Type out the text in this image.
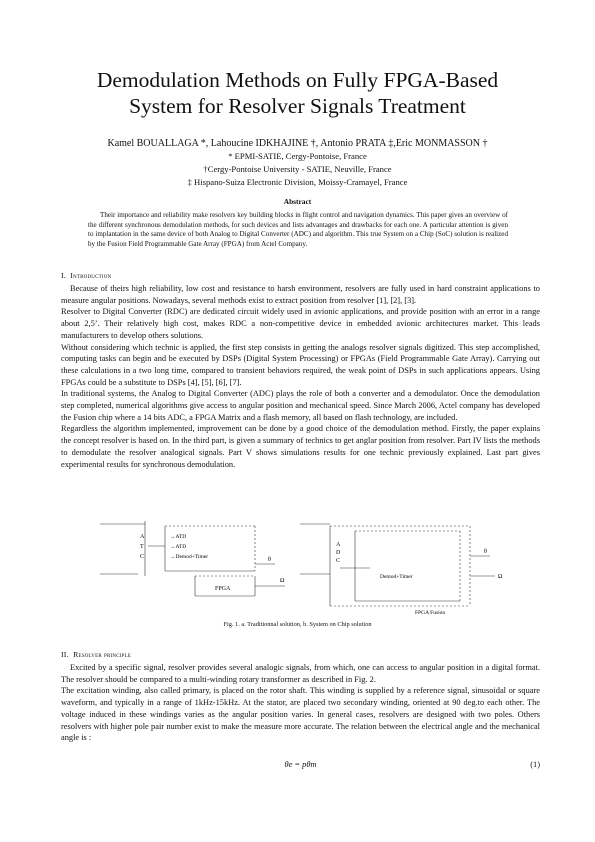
Demodulation Methods on Fully FPGA-Based
System for Resolver Signals Treatment
Kamel BOUALLAGA *, Lahoucine IDKHAJINE †, Antonio PRATA ‡,Eric MONMASSON †
* EPMI-SATIE, Cergy-Pontoise, France
†Cergy-Pontoise University - SATIE, Neuville, France
‡ Hispano-Suiza Electronic Division, Moissy-Cramayel, France
Abstract
Their importance and reliability make resolvers key building blocks in flight control and navigation dynamics. This paper gives an overview of the different synchronous demodulation methods, for such devices and lists advantages and drawbacks for each one. A particular attention is given to implantation in the same device of both Analog to Digital Converter (ADC) and algorithm. This true System on a Chip (SoC) solution is realized by the Fusion Field Programmable Gate Array (FPGA) from Actel Company.
I. Introduction

Because of theirs high reliability, low cost and resistance to harsh environment, resolvers are fully used in hard constraint applications to measure angular positions. Nowadays, several methods exist to extract position from resolver [1], [2], [3].

Resolver to Digital Converter (RDC) are dedicated circuit widely used in avionic applications, and provide position with an error in a range about 2,5’. Their relatively high cost, makes RDC a non-competitive device in embedded avionic architectures market. This leads manufacturers to develop others solutions.

Without considering which technic is applied, the first step consists in getting the analogs resolver signals digitized. This step accomplished, computing tasks can begin and be executed by DSPs (Digital System Processing) or FPGAs (Field Programmable Gate Array). Carrying out these calculations in a two long time, compared to transient behaviors required, the weak point of DSPs in such applications appears. Using FPGAs could be a substitute to DSPs [4], [5], [6], [7].

In traditional systems, the Analog to Digital Converter (ADC) plays the role of both a converter and a demodulator. Once the demodulation step completed, numerical algorithms give access to angular position and mechanical speed. Since March 2006, Actel company has developed the Fusion chip where a 14 bits ADC, a FPGA Matrix and a flash memory, all based on flash technology, are included.

Regardless the algorithm implemented, improvement can be done by a good choice of the demodulation method. Firstly, the paper explains the concept resolver is based on. In the third part, is given a summary of technics to get anglar position from resolver. Part IV lists the methods to demodulate the resolver analogical signals. Part V shows simulations results for one technic previously explained. Last part gives experimental results for synchronous demodulation.

A
T
C
→ATD
→ATD
→Demod+Timer
FPGA
θ
Ω
A
D
C
Demod+Timer
FPGA Fusion
θ
Ω
Fig. 1. a. Traditionnal solution, b. System on Chip solution
II. Resolver principle

Excited by a specific signal, resolver provides several analogic signals, from which, one can access to angular position in a digital format. The resolver should be compared to a multi-winding rotary transformer as described in Fig. 2.

The excitation winding, also called primary, is placed on the rotor shaft. This winding is supplied by a reference signal, sinusoidal or square waveform, and typically in a range of 1kHz-15kHz. At the stator, are placed two secondary winding, oriented at 90 deg.to each other. The voltage induced in these windings varies as the angular position varies. In general cases, resolvers are designed with two poles. Others resolvers with higher pole pair number exist to make the measure more accurate. The relation between the electrical angle and the mechanical angle is :

θe = pθm	(1)
